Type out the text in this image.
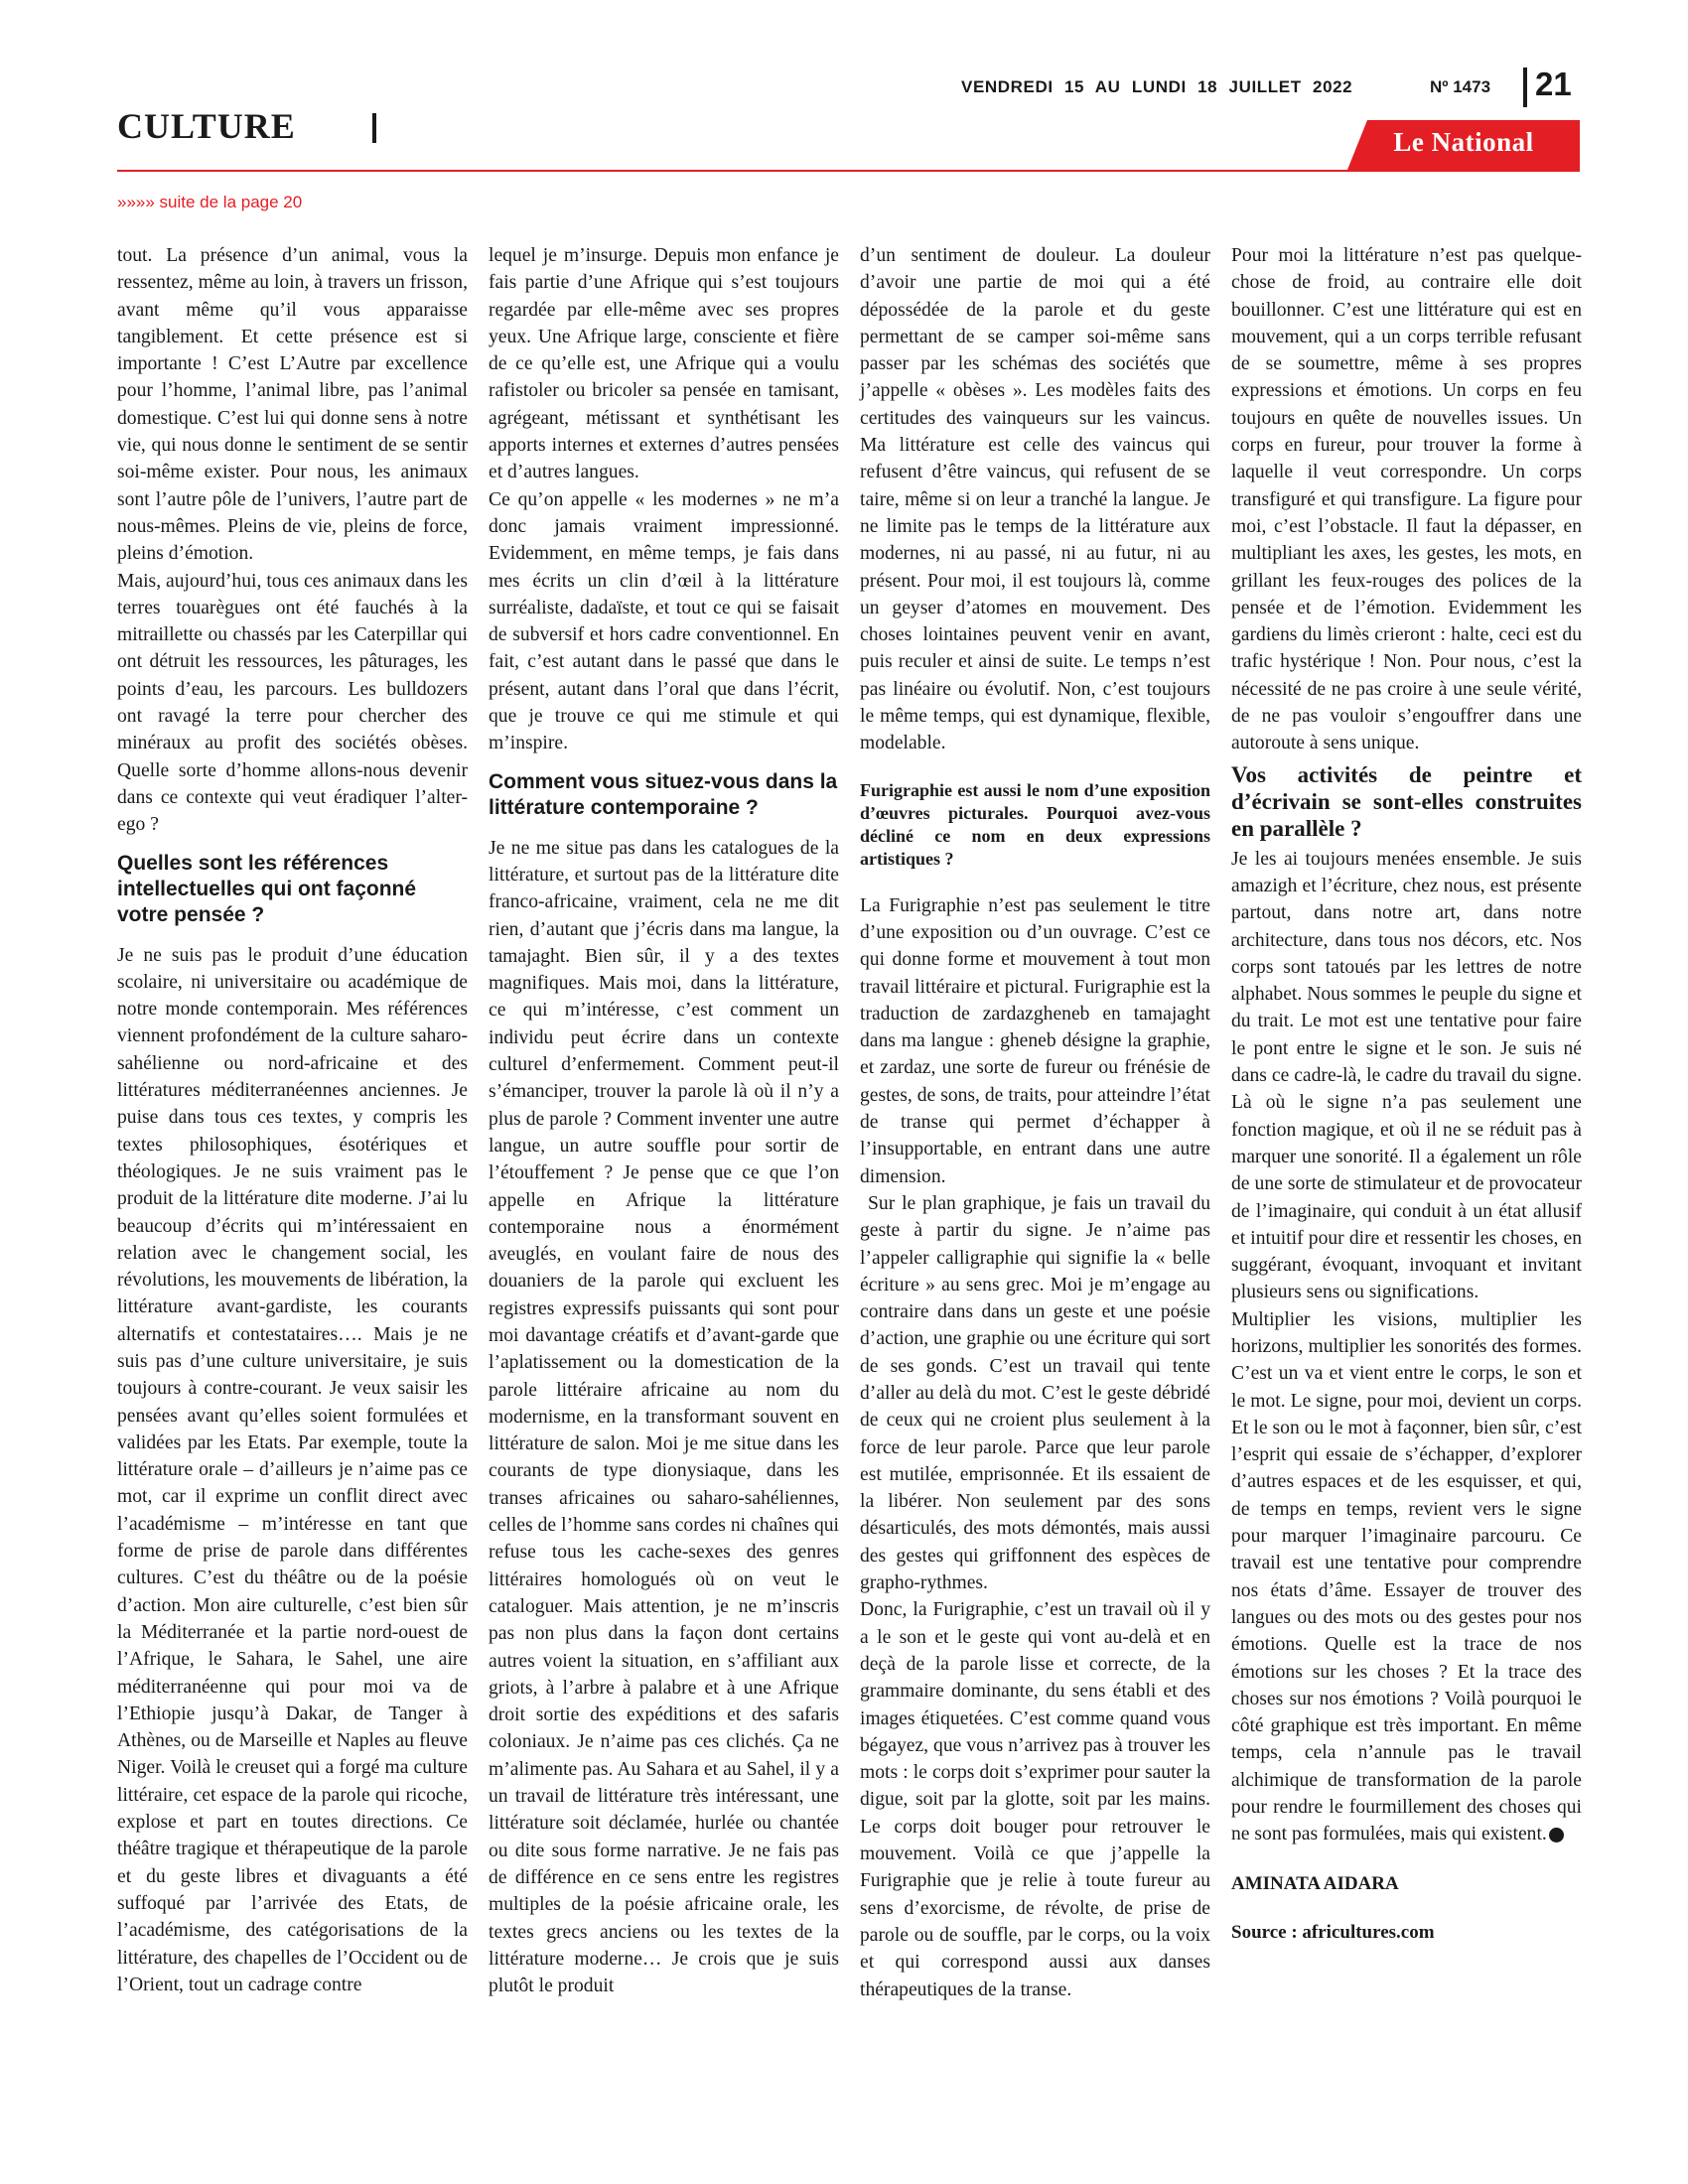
VENDREDI 15 AU LUNDI 18 JUILLET 2022	Nº 1473 21
CULTURE	Le National
»»»» suite de la page 20

tout. La présence d’un animal, vous la ressentez, même au loin, à travers un frisson, avant même qu’il vous apparaisse tangiblement. Et cette présence est si importante ! C’est L’Autre par excellence pour l’homme, l’animal libre, pas l’animal domestique. C’est lui qui donne sens à notre vie, qui nous donne le sentiment de se sentir soi-même exister. Pour nous, les animaux sont l’autre pôle de l’univers, l’autre part de nous-mêmes. Pleins de vie, pleins de force, pleins d’émotion.

Mais, aujourd’hui, tous ces animaux dans les terres touarègues ont été fauchés à la mitraillette ou chassés par les Caterpillar qui ont détruit les ressources, les pâturages, les points d’eau, les parcours. Les bulldozers ont ravagé la terre pour chercher des minéraux au profit des sociétés obèses. Quelle sorte d’homme allons-nous devenir dans ce contexte qui veut éradiquer l’alter-ego ?

Quelles sont les références intellectuelles qui ont façonné votre pensée ?

Je ne suis pas le produit d’une éducation scolaire, ni universitaire ou académique de notre monde contemporain. Mes références viennent profondément de la culture saharo-sahélienne ou nord-africaine et des littératures méditerranéennes anciennes. Je puise dans tous ces textes, y compris les textes philosophiques, ésotériques et théologiques. Je ne suis vraiment pas le produit de la littérature dite moderne. J’ai lu beaucoup d’écrits qui m’intéressaient en relation avec le changement social, les révolutions, les mouvements de libération, la littérature avant-gardiste, les courants alternatifs et contestataires…. Mais je ne suis pas d’une culture universitaire, je suis toujours à contre-courant. Je veux saisir les pensées avant qu’elles soient formulées et validées par les Etats. Par exemple, toute la littérature orale – d’ailleurs je n’aime pas ce mot, car il exprime un conflit direct avec l’académisme – m’intéresse en tant que forme de prise de parole dans différentes cultures. C’est du théâtre ou de la poésie d’action. Mon aire culturelle, c’est bien sûr la Méditerranée et la partie nord-ouest de l’Afrique, le Sahara, le Sahel, une aire méditerranéenne qui pour moi va de l’Ethiopie jusqu’à Dakar, de Tanger à Athènes, ou de Marseille et Naples au fleuve Niger. Voilà le creuset qui a forgé ma culture littéraire, cet espace de la parole qui ricoche, explose et part en toutes directions. Ce théâtre tragique et thérapeutique de la parole et du geste libres et divaguants a été suffoqué par l’arrivée des Etats, de l’académisme, des catégorisations de la littérature, des chapelles de l’Occident ou de l’Orient, tout un cadrage contre

lequel je m’insurge. Depuis mon enfance je fais partie d’une Afrique qui s’est toujours regardée par elle-même avec ses propres yeux. Une Afrique large, consciente et fière de ce qu’elle est, une Afrique qui a voulu rafistoler ou bricoler sa pensée en tamisant, agrégeant, métissant et synthétisant les apports internes et externes d’autres pensées et d’autres langues.

Ce qu’on appelle « les modernes » ne m’a donc jamais vraiment impressionné. Evidemment, en même temps, je fais dans mes écrits un clin d’œil à la littérature surréaliste, dadaïste, et tout ce qui se faisait de subversif et hors cadre conventionnel. En fait, c’est autant dans le passé que dans le présent, autant dans l’oral que dans l’écrit, que je trouve ce qui me stimule et qui m’inspire.

Comment vous situez-vous dans la littérature contemporaine ?

Je ne me situe pas dans les catalogues de la littérature, et surtout pas de la littérature dite franco-africaine, vraiment, cela ne me dit rien, d’autant que j’écris dans ma langue, la tamajaght. Bien sûr, il y a des textes magnifiques. Mais moi, dans la littérature, ce qui m’intéresse, c’est comment un individu peut écrire dans un contexte culturel d’enfermement. Comment peut-il s’émanciper, trouver la parole là où il n’y a plus de parole ? Comment inventer une autre langue, un autre souffle pour sortir de l’étouffement ? Je pense que ce que l’on appelle en Afrique la littérature contemporaine nous a énormément aveuglés, en voulant faire de nous des douaniers de la parole qui excluent les registres expressifs puissants qui sont pour moi davantage créatifs et d’avant-garde que l’aplatissement ou la domestication de la parole littéraire africaine au nom du modernisme, en la transformant souvent en littérature de salon. Moi je me situe dans les courants de type dionysiaque, dans les transes africaines ou saharo-sahéliennes, celles de l’homme sans cordes ni chaînes qui refuse tous les cache-sexes des genres littéraires homologués où on veut le cataloguer. Mais attention, je ne m’inscris pas non plus dans la façon dont certains autres voient la situation, en s’affiliant aux griots, à l’arbre à palabre et à une Afrique droit sortie des expéditions et des safaris coloniaux. Je n’aime pas ces clichés. Ça ne m’alimente pas. Au Sahara et au Sahel, il y a un travail de littérature très intéressant, une littérature soit déclamée, hurlée ou chantée ou dite sous forme narrative. Je ne fais pas de différence en ce sens entre les registres multiples de la poésie africaine orale, les textes grecs anciens ou les textes de la littérature moderne… Je crois que je suis plutôt le produit

d’un sentiment de douleur. La douleur d’avoir une partie de moi qui a été dépossédée de la parole et du geste permettant de se camper soi-même sans passer par les schémas des sociétés que j’appelle « obèses ». Les modèles faits des certitudes des vainqueurs sur les vaincus. Ma littérature est celle des vaincus qui refusent d’être vaincus, qui refusent de se taire, même si on leur a tranché la langue. Je ne limite pas le temps de la littérature aux modernes, ni au passé, ni au futur, ni au présent. Pour moi, il est toujours là, comme un geyser d’atomes en mouvement. Des choses lointaines peuvent venir en avant, puis reculer et ainsi de suite. Le temps n’est pas linéaire ou évolutif. Non, c’est toujours le même temps, qui est dynamique, flexible, modelable.

Furigraphie est aussi le nom d’une exposition d’œuvres picturales. Pourquoi avez-vous décliné ce nom en deux expressions artistiques ?

La Furigraphie n’est pas seulement le titre d’une exposition ou d’un ouvrage. C’est ce qui donne forme et mouvement à tout mon travail littéraire et pictural. Furigraphie est la traduction de zardazgheneb en tamajaght dans ma langue : gheneb désigne la graphie, et zardaz, une sorte de fureur ou frénésie de gestes, de sons, de traits, pour atteindre l’état de transe qui permet d’échapper à l’insupportable, en entrant dans une autre dimension.

Sur le plan graphique, je fais un travail du geste à partir du signe. Je n’aime pas l’appeler calligraphie qui signifie la « belle écriture » au sens grec. Moi je m’engage au contraire dans dans un geste et une poésie d’action, une graphie ou une écriture qui sort de ses gonds. C’est un travail qui tente d’aller au delà du mot. C’est le geste débridé de ceux qui ne croient plus seulement à la force de leur parole. Parce que leur parole est mutilée, emprisonnée. Et ils essaient de la libérer. Non seulement par des sons désarticulés, des mots démontés, mais aussi des gestes qui griffonnent des espèces de grapho-rythmes.

Donc, la Furigraphie, c’est un travail où il y a le son et le geste qui vont au-delà et en deçà de la parole lisse et correcte, de la grammaire dominante, du sens établi et des images étiquetées. C’est comme quand vous bégayez, que vous n’arrivez pas à trouver les mots : le corps doit s’exprimer pour sauter la digue, soit par la glotte, soit par les mains. Le corps doit bouger pour retrouver le mouvement. Voilà ce que j’appelle la Furigraphie que je relie à toute fureur au sens d’exorcisme, de révolte, de prise de parole ou de souffle, par le corps, ou la voix et qui correspond aussi aux danses thérapeutiques de la transe.

Pour moi la littérature n’est pas quelque-chose de froid, au contraire elle doit bouillonner. C’est une littérature qui est en mouvement, qui a un corps terrible refusant de se soumettre, même à ses propres expressions et émotions. Un corps en feu toujours en quête de nouvelles issues. Un corps en fureur, pour trouver la forme à laquelle il veut correspondre. Un corps transfiguré et qui transfigure. La figure pour moi, c’est l’obstacle. Il faut la dépasser, en multipliant les axes, les gestes, les mots, en grillant les feux-rouges des polices de la pensée et de l’émotion. Evidemment les gardiens du limès crieront : halte, ceci est du trafic hystérique ! Non. Pour nous, c’est la nécessité de ne pas croire à une seule vérité, de ne pas vouloir s’engouffrer dans une autoroute à sens unique.

Vos activités de peintre et d’écrivain se sont-elles construites en parallèle ?

Je les ai toujours menées ensemble. Je suis amazigh et l’écriture, chez nous, est présente partout, dans notre art, dans notre architecture, dans tous nos décors, etc. Nos corps sont tatoués par les lettres de notre alphabet. Nous sommes le peuple du signe et du trait. Le mot est une tentative pour faire le pont entre le signe et le son. Je suis né dans ce cadre-là, le cadre du travail du signe. Là où le signe n’a pas seulement une fonction magique, et où il ne se réduit pas à marquer une sonorité. Il a également un rôle de une sorte de stimulateur et de provocateur de l’imaginaire, qui conduit à un état allusif et intuitif pour dire et ressentir les choses, en suggérant, évoquant, invoquant et invitant plusieurs sens ou significations.

Multiplier les visions, multiplier les horizons, multiplier les sonorités des formes. C’est un va et vient entre le corps, le son et le mot. Le signe, pour moi, devient un corps. Et le son ou le mot à façonner, bien sûr, c’est l’esprit qui essaie de s’échapper, d’explorer d’autres espaces et de les esquisser, et qui, de temps en temps, revient vers le signe pour marquer l’imaginaire parcouru. Ce travail est une tentative pour comprendre nos états d’âme. Essayer de trouver des langues ou des mots ou des gestes pour nos émotions. Quelle est la trace de nos émotions sur les choses ? Et la trace des choses sur nos émotions ? Voilà pourquoi le côté graphique est très important. En même temps, cela n’annule pas le travail alchimique de transformation de la parole pour rendre le fourmillement des choses qui ne sont pas formulées, mais qui existent.

AMINATA AIDARA

Source : africultures.com
